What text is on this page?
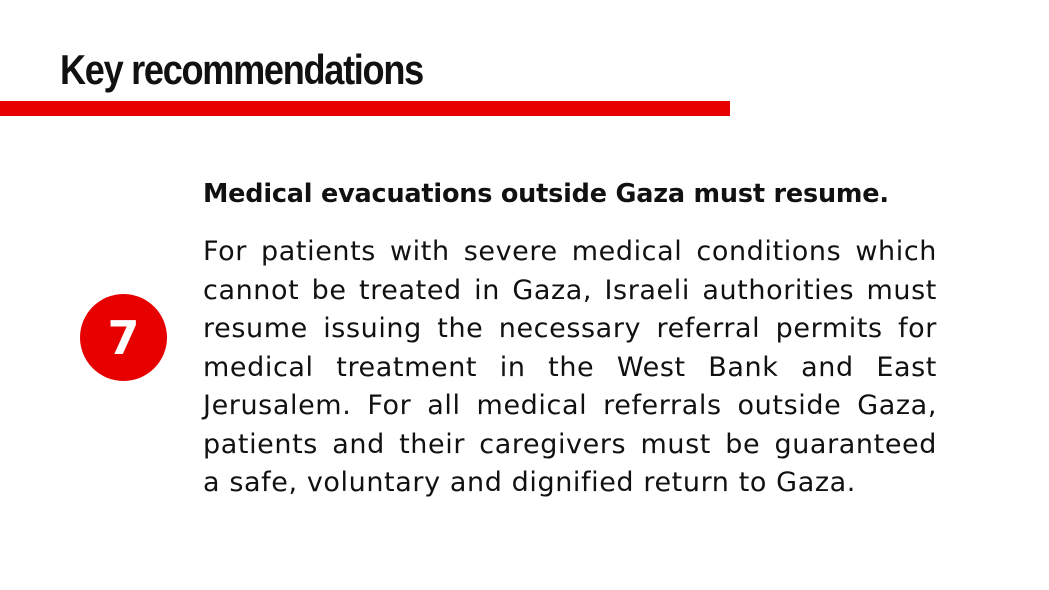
Key recommendations
7
Medical evacuations outside Gaza must resume.

For patients with severe medical conditions which
cannot be treated in Gaza, Israeli authorities must
resume issuing the necessary referral permits for
medical treatment in the West Bank and East
Jerusalem. For all medical referrals outside Gaza,
patients and their caregivers must be guaranteed
a safe, voluntary and dignified return to Gaza.
